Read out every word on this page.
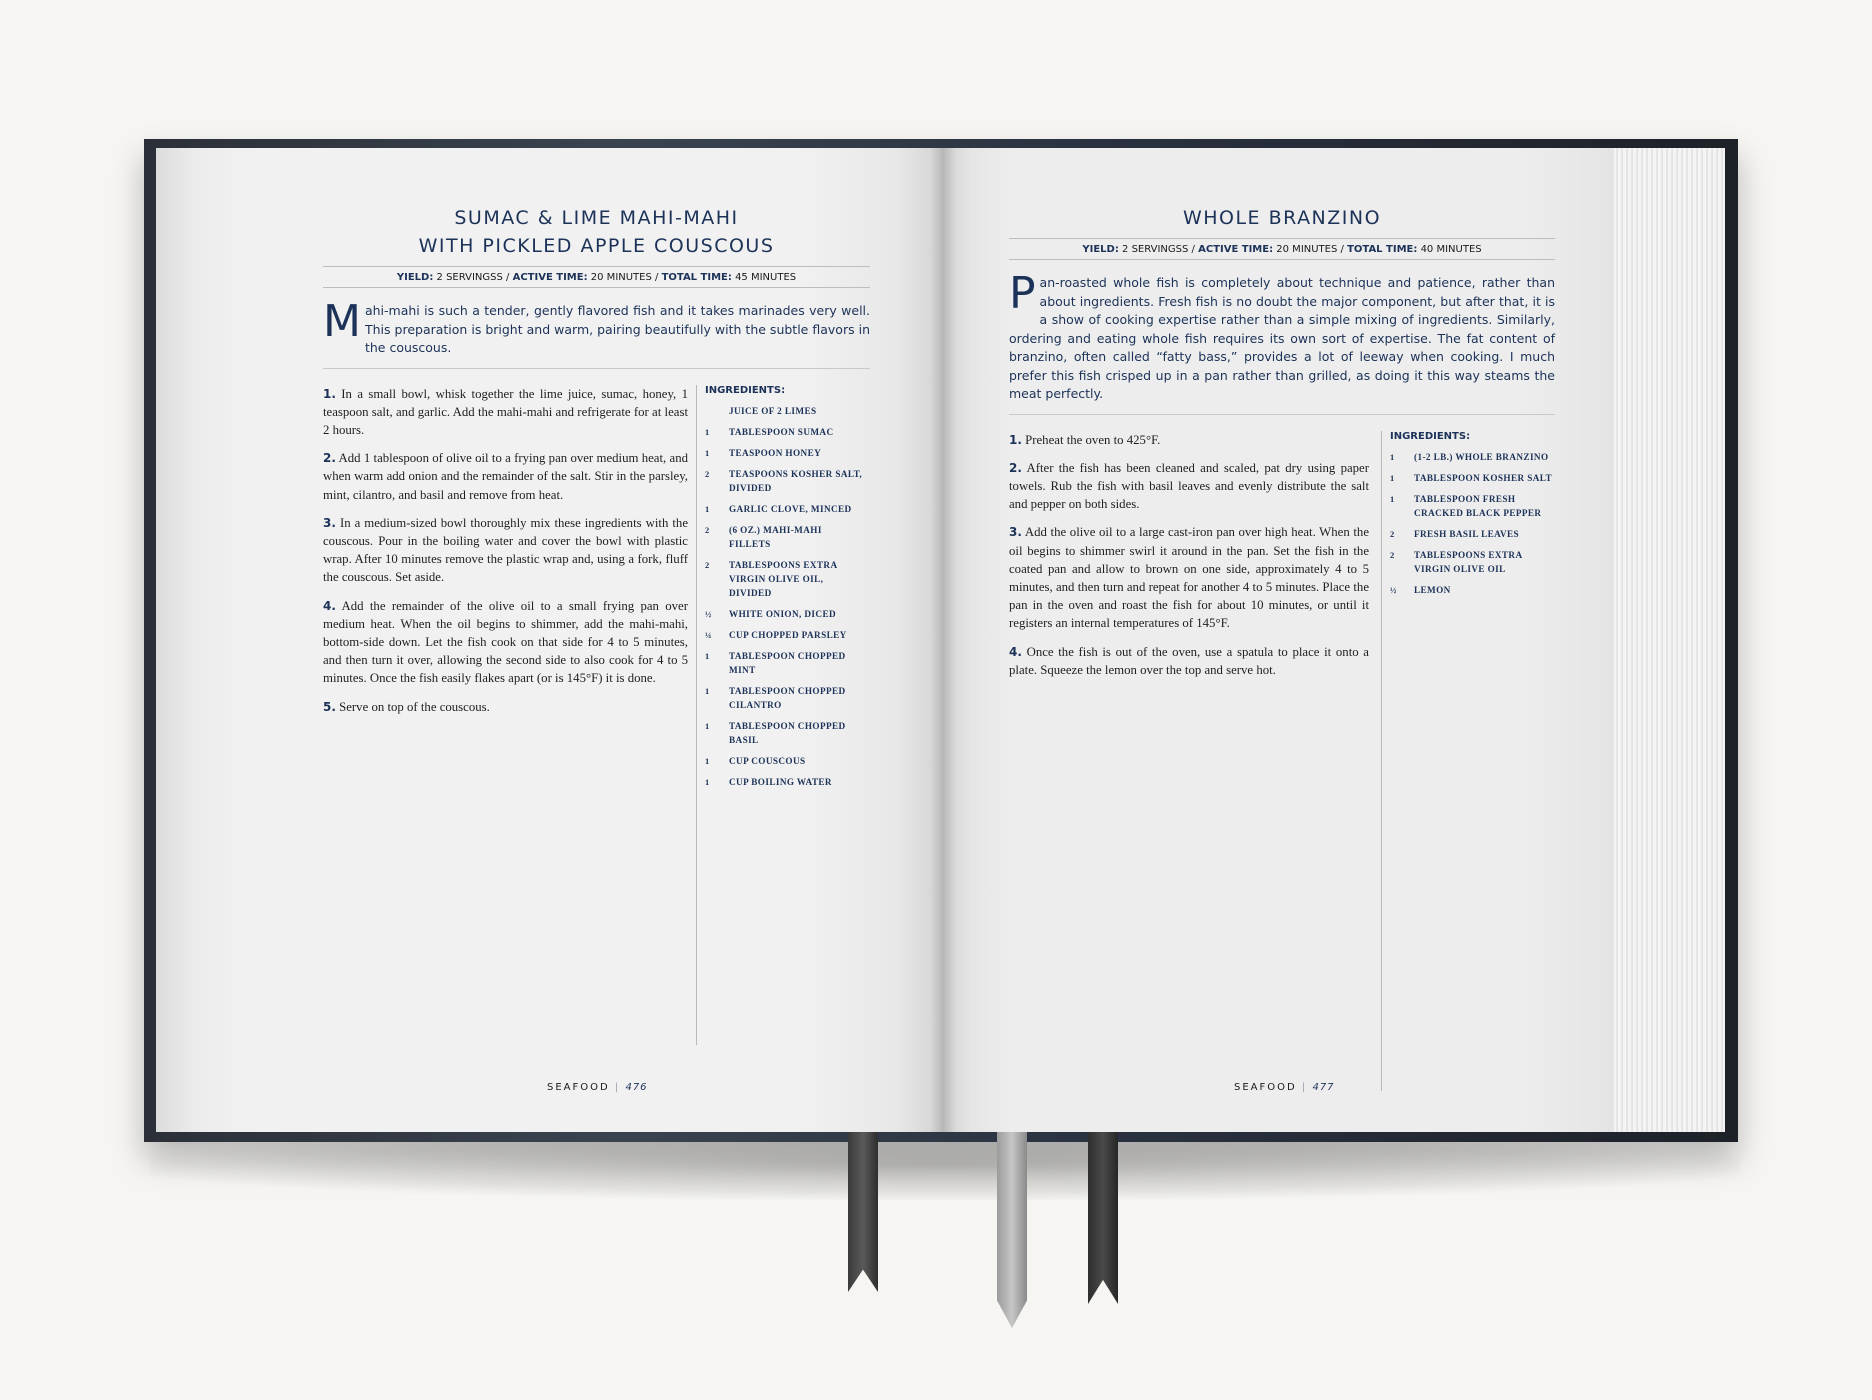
SUMAC & LIME MAHI-MAHI
WITH PICKLED APPLE COUSCOUS
YIELD: 2 SERVINGSS / ACTIVE TIME: 20 MINUTES / TOTAL TIME: 45 MINUTES
Mahi-mahi is such a tender, gently flavored fish and it takes marinades very well. This preparation is bright and warm, pairing beautifully with the subtle flavors in the couscous.

1. In a small bowl, whisk together the lime juice, sumac, honey, 1 teaspoon salt, and garlic. Add the mahi-mahi and refrigerate for at least 2 hours.

2. Add 1 tablespoon of olive oil to a frying pan over medium heat, and when warm add onion and the remainder of the salt. Stir in the parsley, mint, cilantro, and basil and remove from heat.

3. In a medium-sized bowl thoroughly mix these ingredients with the couscous. Pour in the boiling water and cover the bowl with plastic wrap. After 10 minutes remove the plastic wrap and, using a fork, fluff the couscous. Set aside.

4. Add the remainder of the olive oil to a small frying pan over medium heat. When the oil begins to shimmer, add the mahi-mahi, bottom-side down. Let the fish cook on that side for 4 to 5 minutes, and then turn it over, allowing the second side to also cook for 4 to 5 minutes. Once the fish easily flakes apart (or is 145°F) it is done.

5. Serve on top of the couscous.

INGREDIENTS:
JUICE OF 2 LIMES
1 TABLESPOON SUMAC
1 TEASPOON HONEY
2 TEASPOONS KOSHER SALT, DIVIDED
1 GARLIC CLOVE, MINCED
2 (6 OZ.) MAHI-MAHI FILLETS
2 TABLESPOONS EXTRA VIRGIN OLIVE OIL, DIVIDED
½ WHITE ONION, DICED
¼ CUP CHOPPED PARSLEY
1 TABLESPOON CHOPPED MINT
1 TABLESPOON CHOPPED CILANTRO
1 TABLESPOON CHOPPED BASIL
1 CUP COUSCOUS
1 CUP BOILING WATER
SEAFOOD | 476
WHOLE BRANZINO
YIELD: 2 SERVINGSS / ACTIVE TIME: 20 MINUTES / TOTAL TIME: 40 MINUTES
Pan-roasted whole fish is completely about technique and patience, rather than about ingredients. Fresh fish is no doubt the major component, but after that, it is a show of cooking expertise rather than a simple mixing of ingredients. Similarly, ordering and eating whole fish requires its own sort of expertise. The fat content of branzino, often called “fatty bass,” provides a lot of leeway when cooking. I much prefer this fish crisped up in a pan rather than grilled, as doing it this way steams the meat perfectly.

1. Preheat the oven to 425°F.

2. After the fish has been cleaned and scaled, pat dry using paper towels. Rub the fish with basil leaves and evenly distribute the salt and pepper on both sides.

3. Add the olive oil to a large cast-iron pan over high heat. When the oil begins to shimmer swirl it around in the pan. Set the fish in the coated pan and allow to brown on one side, approximately 4 to 5 minutes, and then turn and repeat for another 4 to 5 minutes. Place the pan in the oven and roast the fish for about 10 minutes, or until it registers an internal temperatures of 145°F.

4. Once the fish is out of the oven, use a spatula to place it onto a plate. Squeeze the lemon over the top and serve hot.

INGREDIENTS:
1 (1-2 LB.) WHOLE BRANZINO
1 TABLESPOON KOSHER SALT
1 TABLESPOON FRESH CRACKED BLACK PEPPER
2 FRESH BASIL LEAVES
2 TABLESPOONS EXTRA VIRGIN OLIVE OIL
½ LEMON
SEAFOOD | 477
